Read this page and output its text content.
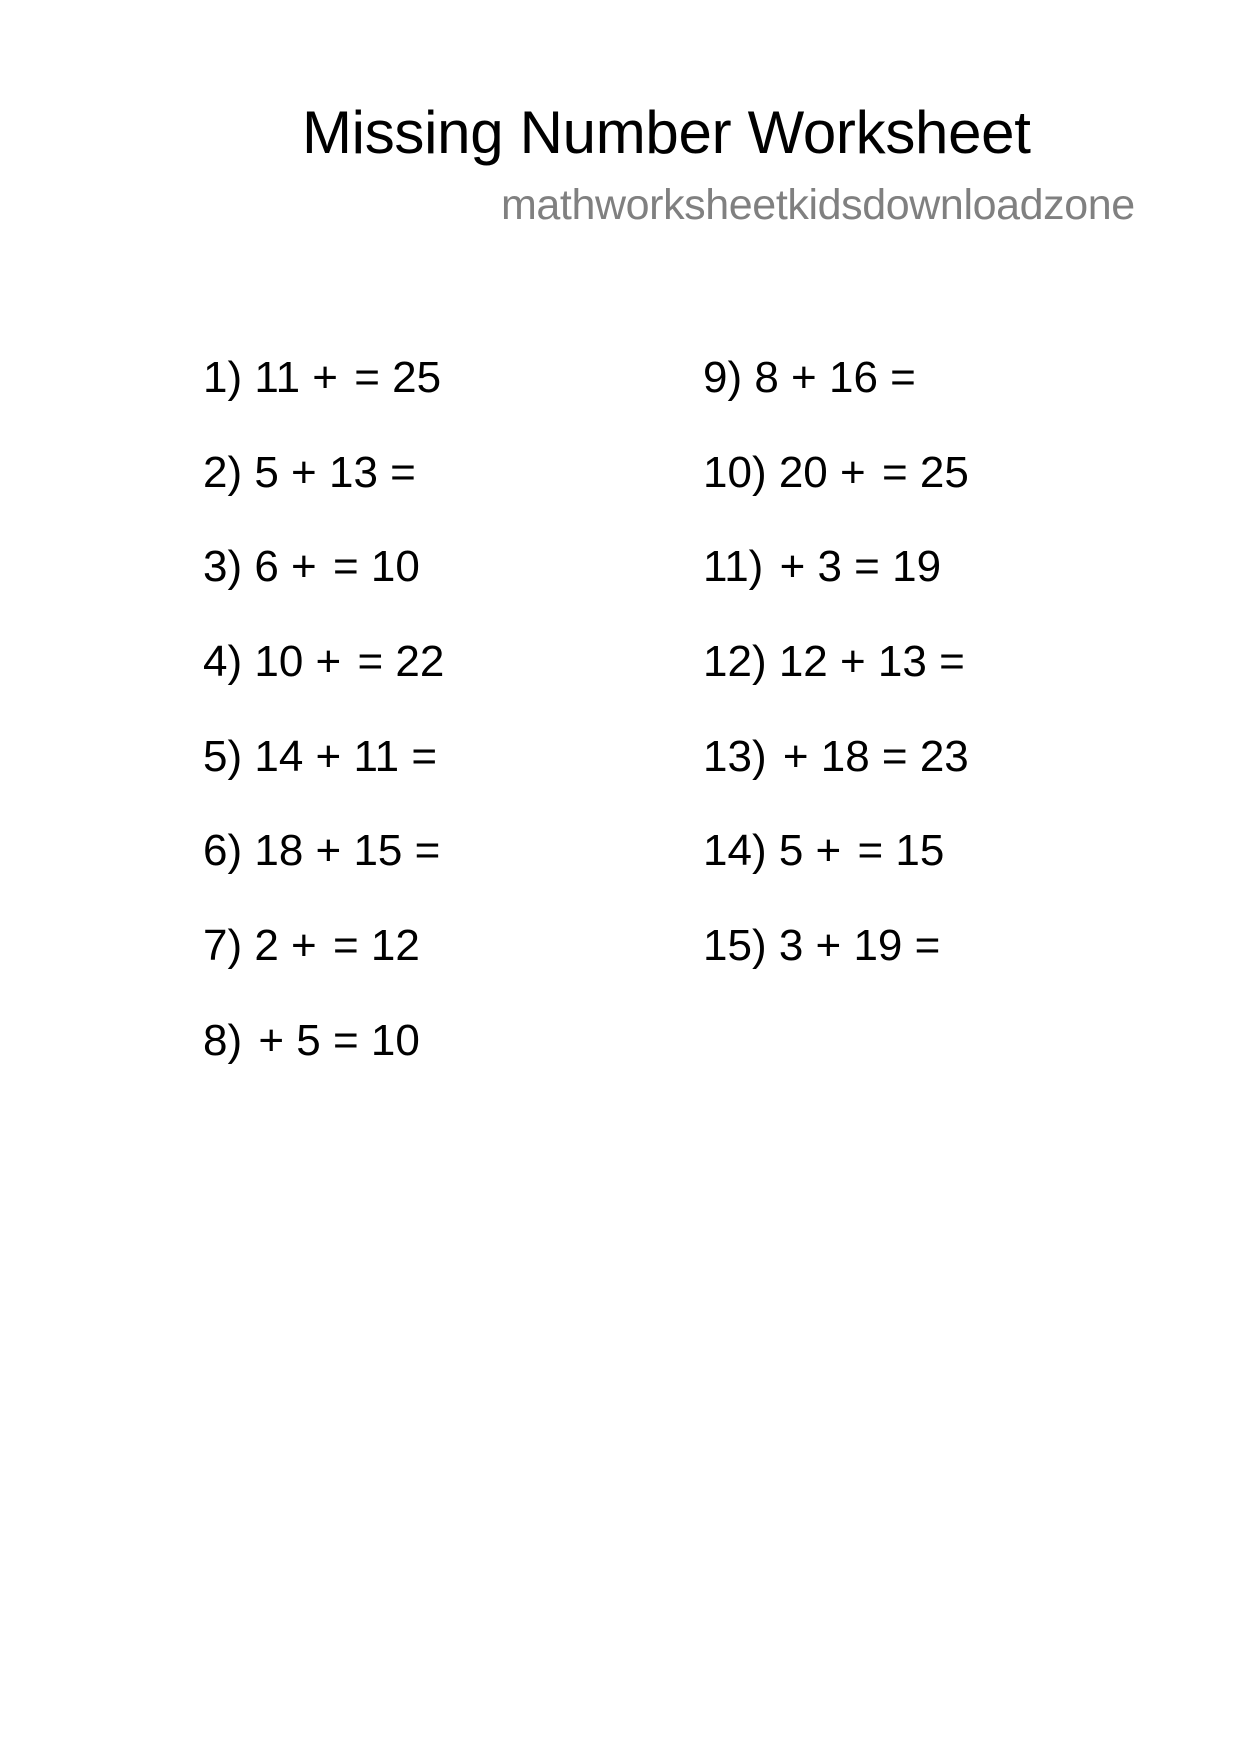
Missing Number Worksheet
mathworksheetkidsdownloadzone
1) 11 + = 25
2) 5 + 13 =
3) 6 + = 10
4) 10 + = 22
5) 14 + 11 =
6) 18 + 15 =
7) 2 + = 12
8) + 5 = 10
9) 8 + 16 =
10) 20 + = 25
11) + 3 = 19
12) 12 + 13 =
13) + 18 = 23
14) 5 + = 15
15) 3 + 19 =
